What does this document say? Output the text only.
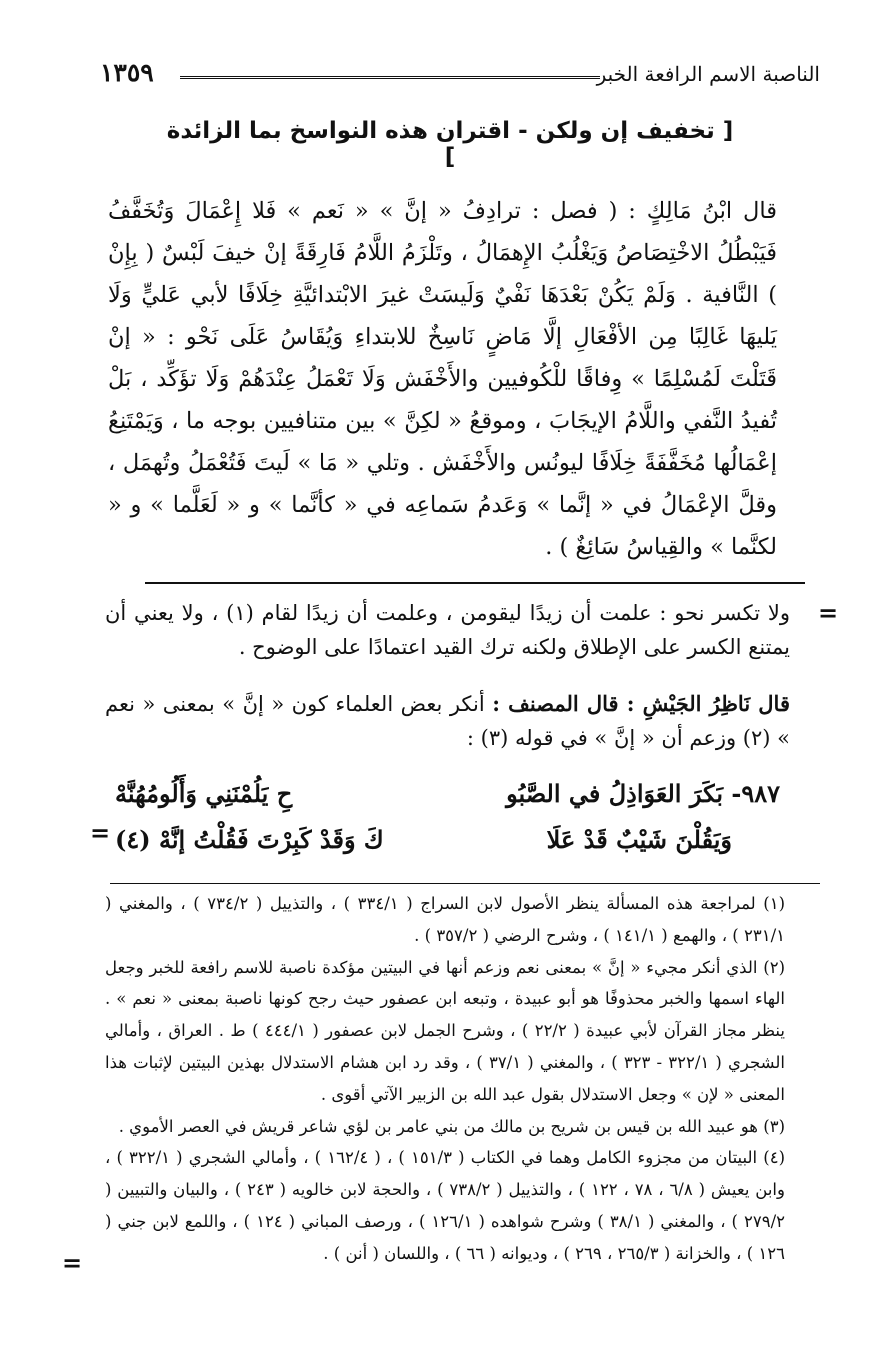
الناصبة الاسم الرافعة الخبر
١٣٥٩
[ تخفيف إن ولكن - اقتران هذه النواسخ بما الزائدة ]

قال ابْنُ مَالِكٍ : ( فصل : ترادِفُ « إنَّ » « نَعم » فَلا إِعْمَالَ وَتُخَفَّفُ فَيَبْطُلُ الاخْتِصَاصُ وَيَغْلُبُ الإِهمَالُ ، وتَلْزَمُ اللَّامُ فَارِقَةً إنْ خيفَ لَبْسٌ ( بِإِنْ ) النَّافية . وَلَمْ يَكُنْ بَعْدَهَا نَفْيٌ وَلَيسَتْ غيرَ الابْتدائيَّةِ خِلَافًا لأبي عَليٍّ وَلَا يَليهَا غَالِبًا مِن الأفْعَالِ إلَّا مَاضٍ نَاسِخٌ للابتداءِ وَيُقَاسُ عَلَى نَحْو : « إنْ قَتَلْتَ لَمُسْلِمًا » وِفاقًا للْكُوفيين والأَخْفَش وَلَا تَعْمَلُ عِنْدَهُمْ وَلَا تؤَكِّد ، بَلْ تُفيدُ النَّفي واللَّامُ الإيجَابَ ، وموقعُ « لكِنَّ » بين متنافيين بوجه ما ، وَيَمْتَنِعُ إعْمَالُها مُخَفَّفَةً خِلَافًا ليونُس والأَخْفَش . وتلي « مَا » لَيتَ فَتُعْمَلُ وتُهمَل ، وقلَّ الإعْمَالُ في « إنَّما » وَعَدمُ سَماعِه في « كأنَّما » و « لَعَلَّما » و « لكنَّما » والقِياسُ سَائِغٌ ) .

=

ولا تكسر نحو : علمت أن زيدًا ليقومن ، وعلمت أن زيدًا لقام (١) ، ولا يعني أن يمتنع الكسر على الإطلاق ولكنه ترك القيد اعتمادًا على الوضوح .

قال نَاظِرُ الجَيْشِ : قال المصنف : أنكر بعض العلماء كون « إنَّ » بمعنى « نعم » (٢) وزعم أن « إنَّ » في قوله (٣) :

٩٨٧- بَكَرَ العَوَاذِلُ في الصَّبُو
حِ يَلُمْنَنِي وَأَلُومُهُنَّهْ
وَيَقُلْنَ شَيْبٌ قَدْ عَلَا
كَ وَقَدْ كَبِرْتَ فَقُلْتُ إنَّهْ (٤)
=

(١) لمراجعة هذه المسألة ينظر الأصول لابن السراج ( ٣٣٤/١ ) ، والتذييل ( ٧٣٤/٢ ) ، والمغني ( ٢٣١/١ ) ، والهمع ( ١٤١/١ ) ، وشرح الرضي ( ٣٥٧/٢ ) .

(٢) الذي أنكر مجيء « إنَّ » بمعنى نعم وزعم أنها في البيتين مؤكدة ناصبة للاسم رافعة للخبر وجعل الهاء اسمها والخبر محذوفًا هو أبو عبيدة ، وتبعه ابن عصفور حيث رجح كونها ناصبة بمعنى « نعم » . ينظر مجاز القرآن لأبي عبيدة ( ٢٢/٢ ) ، وشرح الجمل لابن عصفور ( ٤٤٤/١ ) ط . العراق ، وأمالي الشجري ( ٣٢٢/١ - ٣٢٣ ) ، والمغني ( ٣٧/١ ) ، وقد رد ابن هشام الاستدلال بهذين البيتين لإثبات هذا المعنى « لإن » وجعل الاستدلال بقول عبد الله بن الزبير الآتي أقوى .

(٣) هو عبيد الله بن قيس بن شريح بن مالك من بني عامر بن لؤي شاعر قريش في العصر الأموي .

(٤) البيتان من مجزوء الكامل وهما في الكتاب ( ١٥١/٣ ) ، ( ١٦٢/٤ ) ، وأمالي الشجري ( ٣٢٢/١ ) ، وابن يعيش ( ٦/٨ ، ٧٨ ، ١٢٢ ) ، والتذييل ( ٧٣٨/٢ ) ، والحجة لابن خالويه ( ٢٤٣ ) ، والبيان والتبيين ( ٢٧٩/٢ ) ، والمغني ( ٣٨/١ ) وشرح شواهده ( ١٢٦/١ ) ، ورصف المباني ( ١٢٤ ) ، واللمع لابن جني ( ١٢٦ ) ، والخزانة ( ٢٦٥/٣ ، ٢٦٩ ) ، وديوانه ( ٦٦ ) ، واللسان ( أنن ) .

=
